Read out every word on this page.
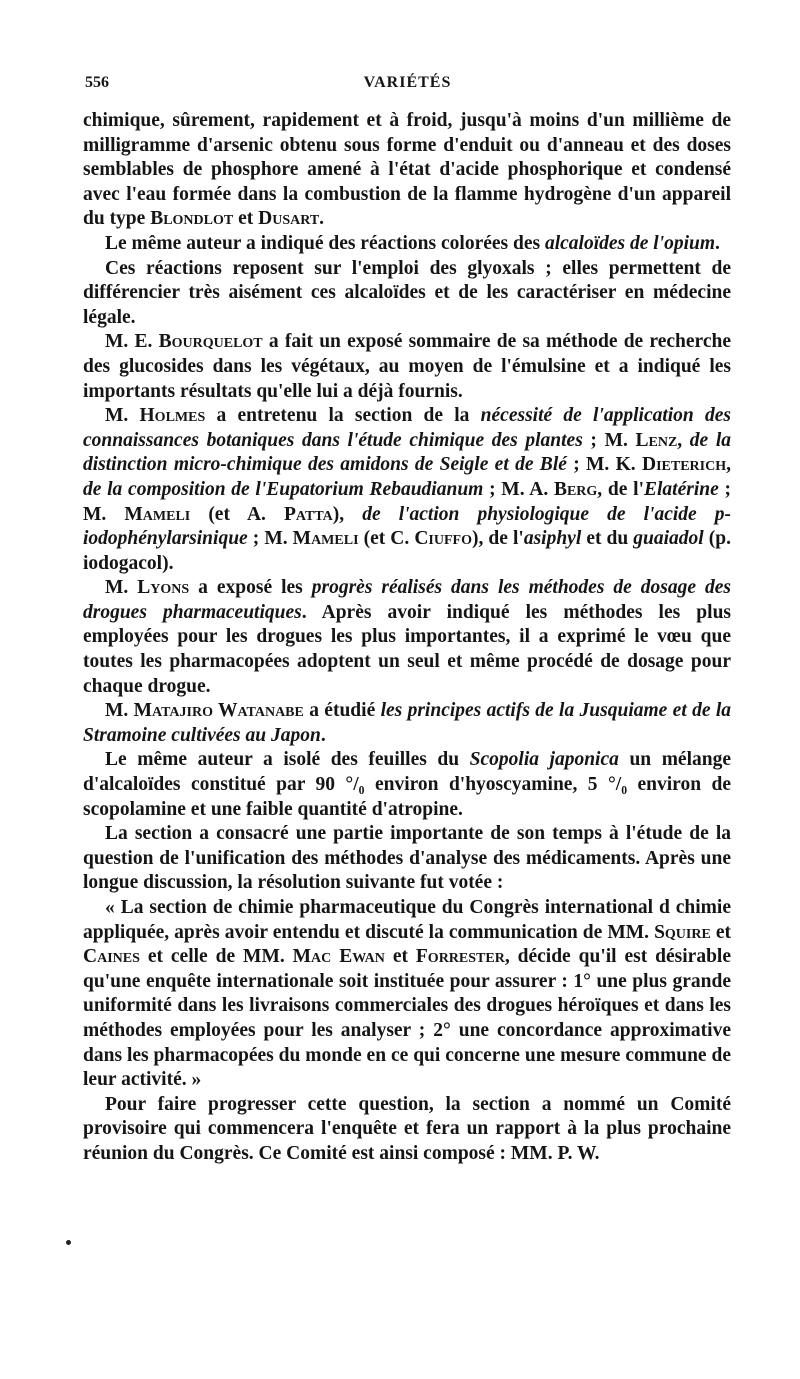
556	VARIÉTÉS

chimique, sûrement, rapidement et à froid, jusqu'à moins d'un millième de milligramme d'arsenic obtenu sous forme d'enduit ou d'anneau et des doses semblables de phosphore amené à l'état d'acide phosphorique et condensé avec l'eau formée dans la combustion de la flamme hydrogène d'un appareil du type Blondlot et Dusart.

Le même auteur a indiqué des réactions colorées des alcaloïdes de l'opium.

Ces réactions reposent sur l'emploi des glyoxals ; elles permettent de différencier très aisément ces alcaloïdes et de les caractériser en médecine légale.

M. E. Bourquelot a fait un exposé sommaire de sa méthode de recherche des glucosides dans les végétaux, au moyen de l'émulsine et a indiqué les importants résultats qu'elle lui a déjà fournis.

M. Holmes a entretenu la section de la nécessité de l'application des connaissances botaniques dans l'étude chimique des plantes ; M. Lenz, de la distinction micro-chimique des amidons de Seigle et de Blé ; M. K. Dieterich, de la composition de l'Eupatorium Rebaudianum ; M. A. Berg, de l'Elatérine ; M. Mameli (et A. Patta), de l'action physiologique de l'acide p-iodophénylarsinique ; M. Mameli (et C. Ciuffo), de l'asiphyl et du guaiadol (p. iodogacol).

M. Lyons a exposé les progrès réalisés dans les méthodes de dosage des drogues pharmaceutiques. Après avoir indiqué les méthodes les plus employées pour les drogues les plus importantes, il a exprimé le vœu que toutes les pharmacopées adoptent un seul et même procédé de dosage pour chaque drogue.

M. Matajiro Watanabe a étudié les principes actifs de la Jusquiame et de la Stramoine cultivées au Japon.

Le même auteur a isolé des feuilles du Scopolia japonica un mélange d'alcaloïdes constitué par 90 °/₀ environ d'hyoscyamine, 5 °/₀ environ de scopolamine et une faible quantité d'atropine.

La section a consacré une partie importante de son temps à l'étude de la question de l'unification des méthodes d'analyse des médicaments. Après une longue discussion, la résolution suivante fut votée :

« La section de chimie pharmaceutique du Congrès international d chimie appliquée, après avoir entendu et discuté la communication de MM. Squire et Caines et celle de MM. Mac Ewan et Forrester, décide qu'il est désirable qu'une enquête internationale soit instituée pour assurer : 1° une plus grande uniformité dans les livraisons commerciales des drogues héroïques et dans les méthodes employées pour les analyser ; 2° une concordance approximative dans les pharmacopées du monde en ce qui concerne une mesure commune de leur activité. »

Pour faire progresser cette question, la section a nommé un Comité provisoire qui commencera l'enquête et fera un rapport à la plus prochaine réunion du Congrès. Ce Comité est ainsi composé : MM. P. W.
